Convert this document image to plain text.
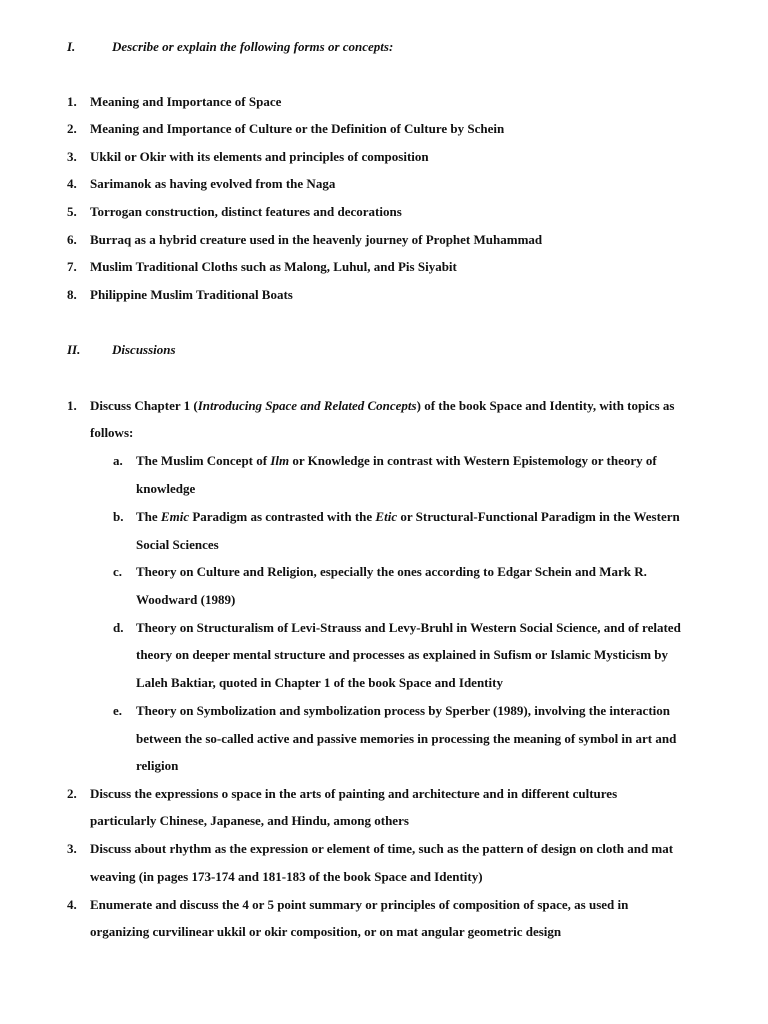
I.	Describe or explain the following forms or concepts:
1.	Meaning and Importance of Space
2.	Meaning and Importance of Culture or the Definition of Culture by Schein
3.	Ukkil or Okir with its elements and principles of composition
4.	Sarimanok as having evolved from the Naga
5.	Torrogan construction, distinct features and decorations
6.	Burraq as a hybrid creature used in the heavenly journey of Prophet Muhammad
7.	Muslim Traditional Cloths such as Malong, Luhul, and Pis Siyabit
8.	Philippine Muslim Traditional Boats
II. Discussions
1.	Discuss Chapter 1 (Introducing Space and Related Concepts) of the book Space and Identity, with topics as
follows:
a. The Muslim Concept of Ilm or Knowledge in contrast with Western Epistemology or theory of
knowledge
b. The Emic Paradigm as contrasted with the Etic or Structural-Functional Paradigm in the Western
Social Sciences
c. Theory on Culture and Religion, especially the ones according to Edgar Schein and Mark R.
Woodward (1989)
d. Theory on Structuralism of Levi-Strauss and Levy-Bruhl in Western Social Science, and of related
theory on deeper mental structure and processes as explained in Sufism or Islamic Mysticism by
Laleh Baktiar, quoted in Chapter 1 of the book Space and Identity
e. Theory on Symbolization and symbolization process by Sperber (1989), involving the interaction
between the so-called active and passive memories in processing the meaning of symbol in art and
religion
2.	Discuss the expressions o space in the arts of painting and architecture and in different cultures
particularly Chinese, Japanese, and Hindu, among others
3.	Discuss about rhythm as the expression or element of time, such as the pattern of design on cloth and mat
weaving (in pages 173-174 and 181-183 of the book Space and Identity)
4.	Enumerate and discuss the 4 or 5 point summary or principles of composition of space, as used in
organizing curvilinear ukkil or okir composition, or on mat angular geometric design
